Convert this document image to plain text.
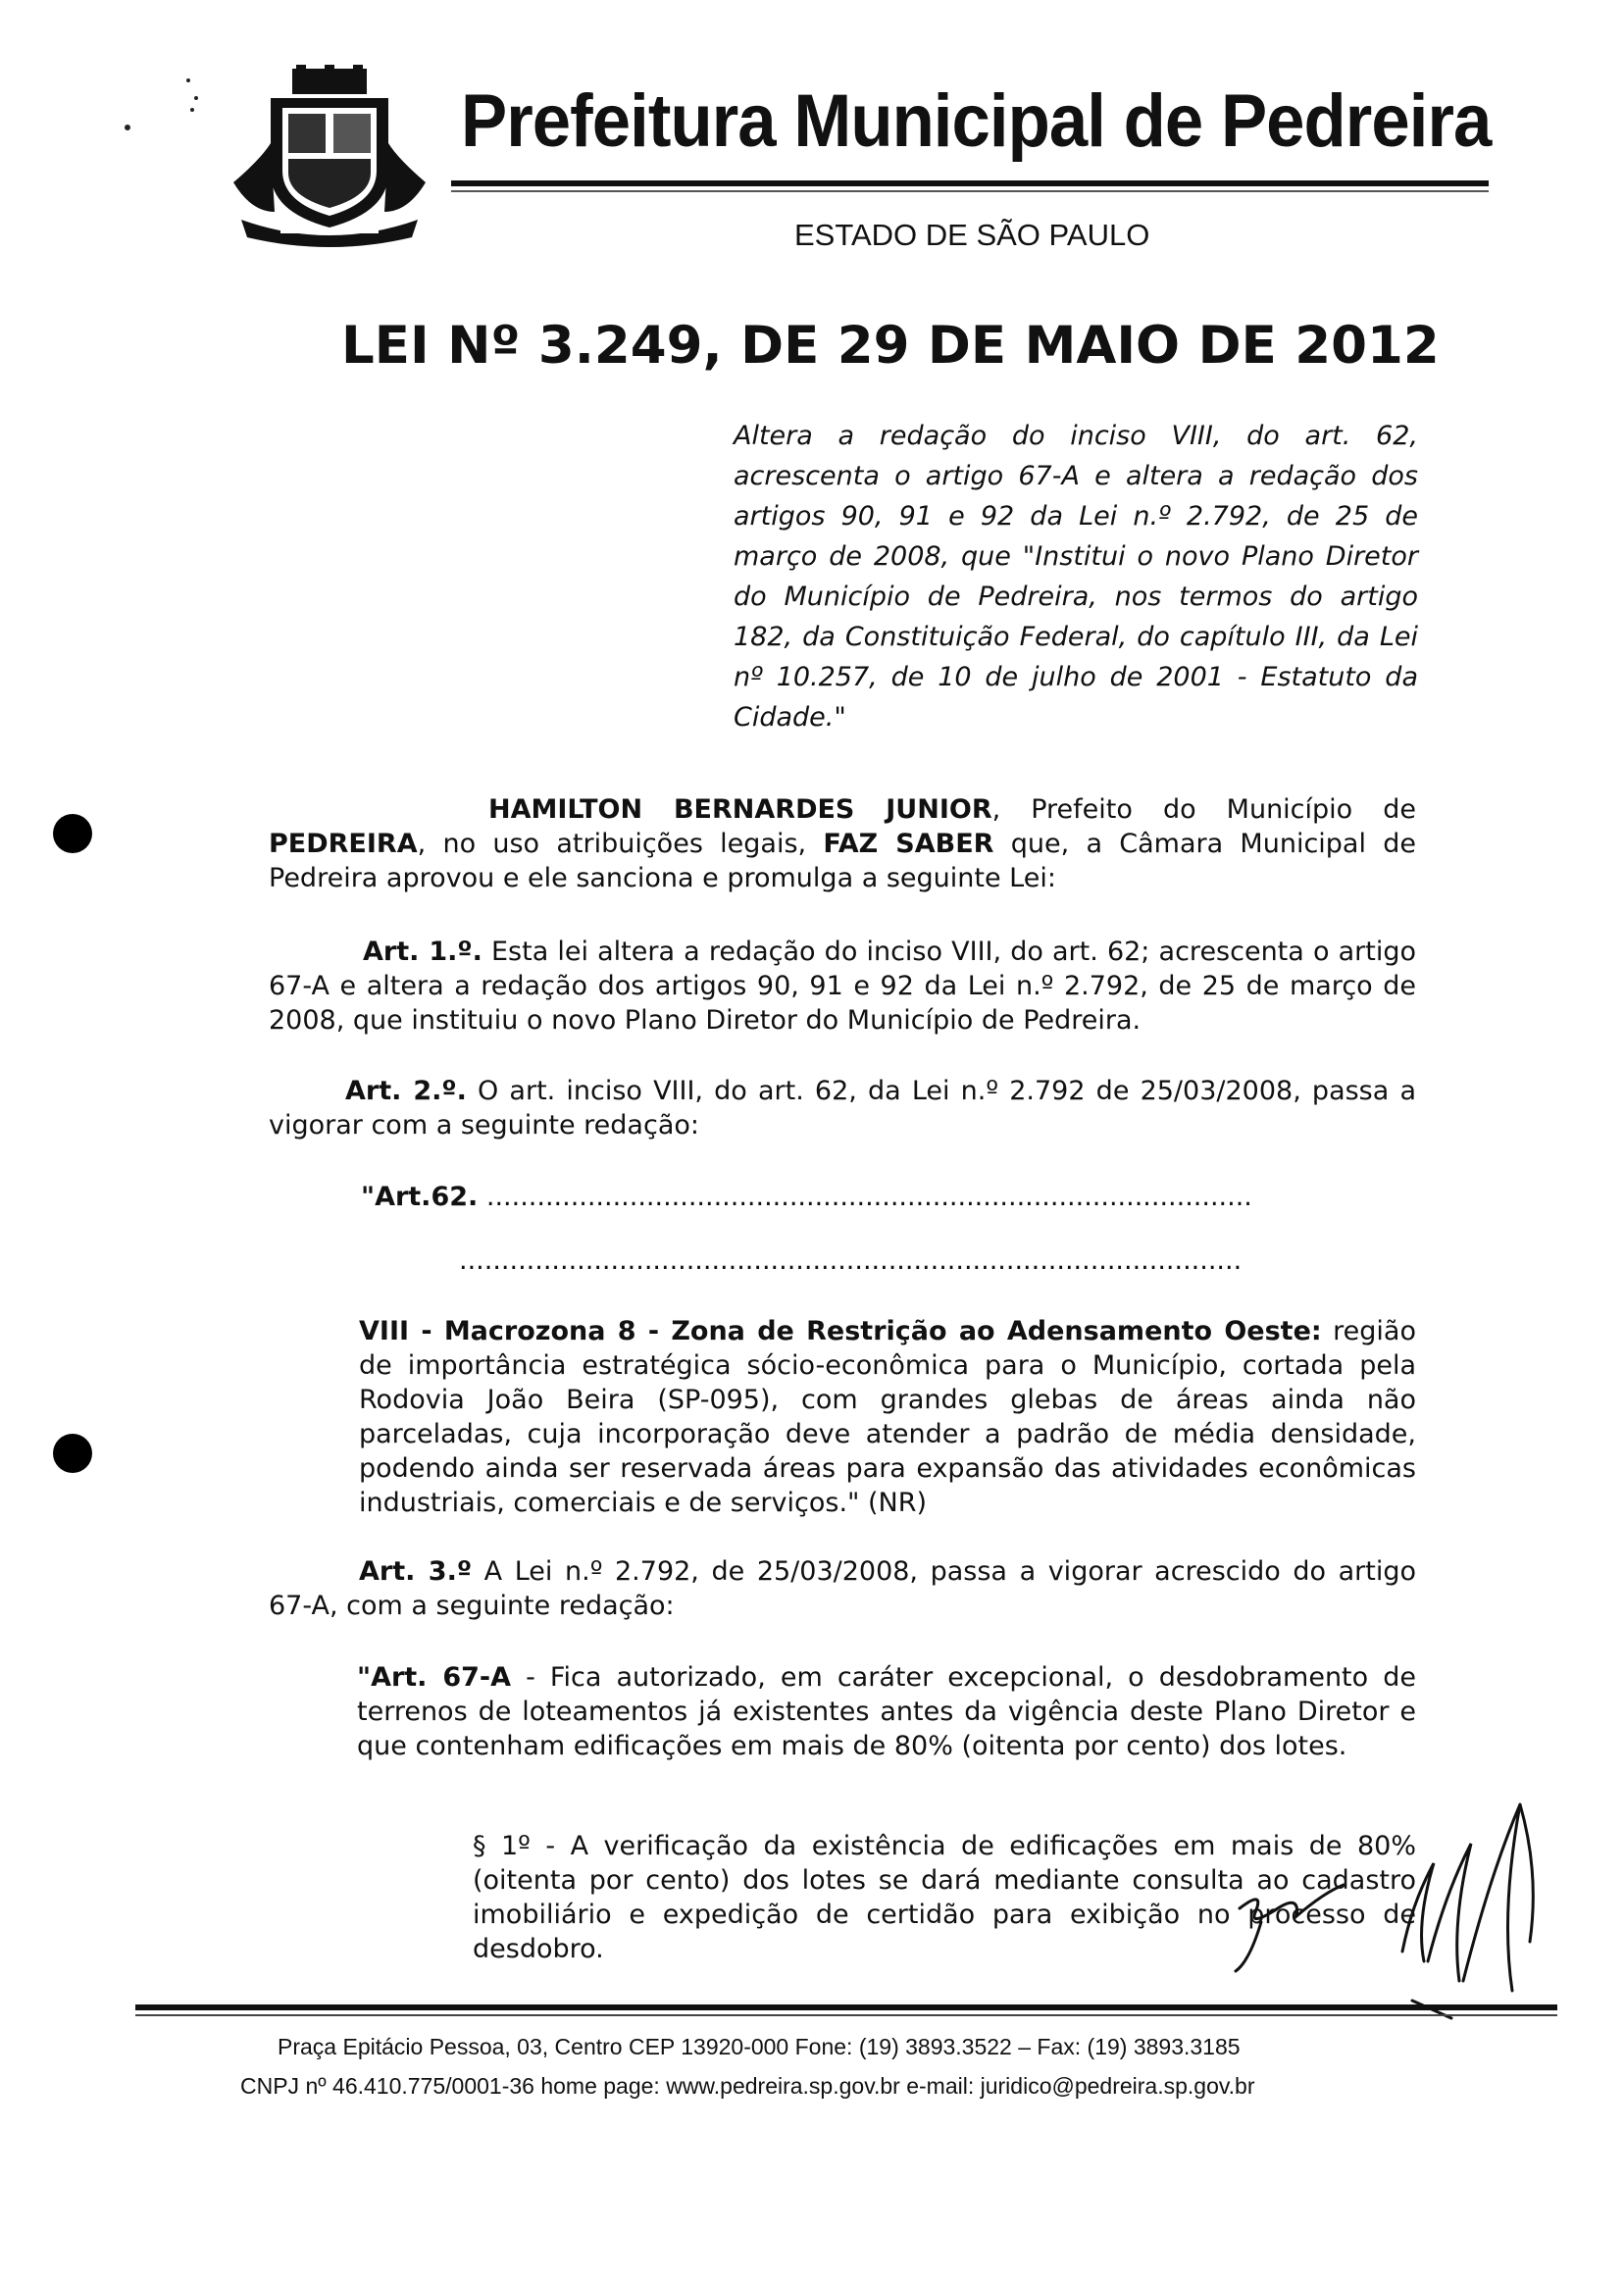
Prefeitura Municipal de Pedreira
ESTADO DE SÃO PAULO
LEI Nº 3.249, DE 29 DE MAIO DE 2012
Altera a redação do inciso VIII, do art. 62, acrescenta o artigo 67-A e altera a redação dos artigos 90, 91 e 92 da Lei n.º 2.792, de 25 de março de 2008, que "Institui o novo Plano Diretor do Município de Pedreira, nos termos do artigo 182, da Constituição Federal, do capítulo III, da Lei nº 10.257, de 10 de julho de 2001 - Estatuto da Cidade."
HAMILTON BERNARDES JUNIOR, Prefeito do Município de PEDREIRA, no uso atribuições legais, FAZ SABER que, a Câmara Municipal de Pedreira aprovou e ele sanciona e promulga a seguinte Lei:
Art. 1.º. Esta lei altera a redação do inciso VIII, do art. 62; acrescenta o artigo 67-A e altera a redação dos artigos 90, 91 e 92 da Lei n.º 2.792, de 25 de março de 2008, que instituiu o novo Plano Diretor do Município de Pedreira.
Art. 2.º. O art. inciso VIII, do art. 62, da Lei n.º 2.792 de 25/03/2008, passa a vigorar com a seguinte redação:
"Art.62. ...........................................................................................
.............................................................................................
VIII - Macrozona 8 - Zona de Restrição ao Adensamento Oeste: região de importância estratégica sócio-econômica para o Município, cortada pela Rodovia João Beira (SP-095), com grandes glebas de áreas ainda não parceladas, cuja incorporação deve atender a padrão de média densidade, podendo ainda ser reservada áreas para expansão das atividades econômicas industriais, comerciais e de serviços." (NR)
Art. 3.º A Lei n.º 2.792, de 25/03/2008, passa a vigorar acrescido do artigo 67-A, com a seguinte redação:
"Art. 67-A - Fica autorizado, em caráter excepcional, o desdobramento de terrenos de loteamentos já existentes antes da vigência deste Plano Diretor e que contenham edificações em mais de 80% (oitenta por cento) dos lotes.
§ 1º - A verificação da existência de edificações em mais de 80% (oitenta por cento) dos lotes se dará mediante consulta ao cadastro imobiliário e expedição de certidão para exibição no processo de desdobro.
Praça Epitácio Pessoa, 03, Centro CEP 13920-000 Fone: (19) 3893.3522 – Fax: (19) 3893.3185
CNPJ nº 46.410.775/0001-36 home page: www.pedreira.sp.gov.br e-mail: juridico@pedreira.sp.gov.br
